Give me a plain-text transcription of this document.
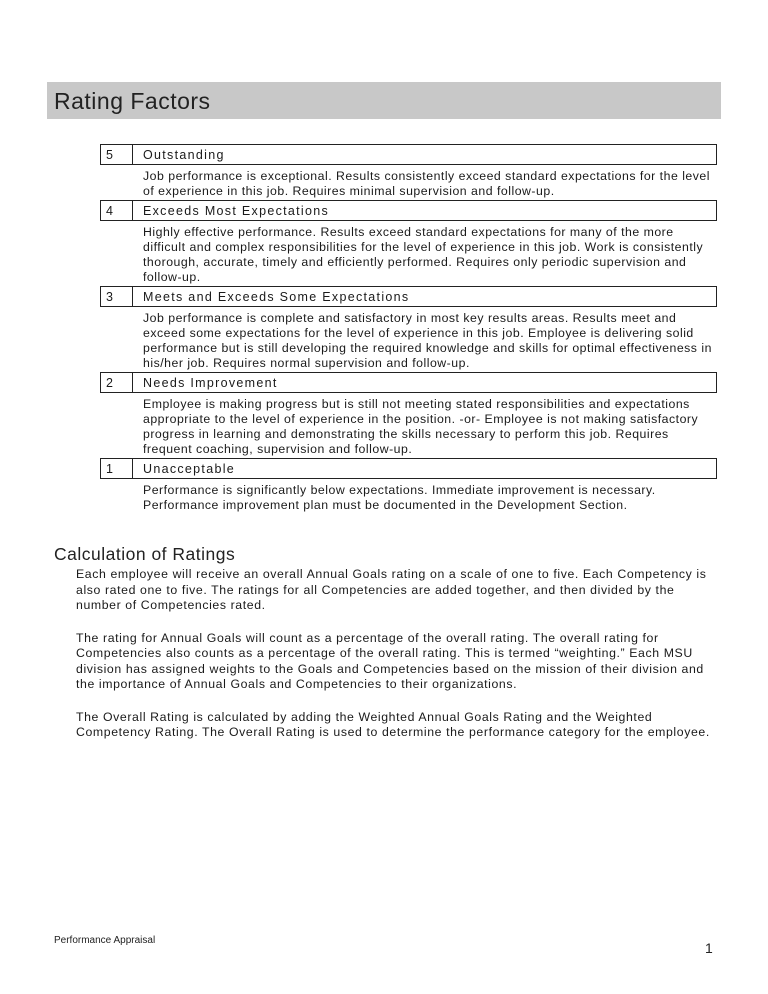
Rating Factors
5	Outstanding
Job performance is exceptional. Results consistently exceed standard expectations for the level of experience in this job. Requires minimal supervision and follow-up.
4	Exceeds Most Expectations
Highly effective performance. Results exceed standard expectations for many of the more difficult and complex responsibilities for the level of experience in this job. Work is consistently thorough, accurate, timely and efficiently performed. Requires only periodic supervision and follow-up.
3	Meets and Exceeds Some Expectations
Job performance is complete and satisfactory in most key results areas. Results meet and exceed some expectations for the level of experience in this job. Employee is delivering solid performance but is still developing the required knowledge and skills for optimal effectiveness in his/her job. Requires normal supervision and follow-up.
2	Needs Improvement
Employee is making progress but is still not meeting stated responsibilities and expectations appropriate to the level of experience in the position. -or- Employee is not making satisfactory progress in learning and demonstrating the skills necessary to perform this job. Requires frequent coaching, supervision and follow-up.
1	Unacceptable
Performance is significantly below expectations. Immediate improvement is necessary. Performance improvement plan must be documented in the Development Section.
Calculation of Ratings

Each employee will receive an overall Annual Goals rating on a scale of one to five. Each Competency is also rated one to five. The ratings for all Competencies are added together, and then divided by the number of Competencies rated.

The rating for Annual Goals will count as a percentage of the overall rating. The overall rating for Competencies also counts as a percentage of the overall rating. This is termed “weighting.” Each MSU division has assigned weights to the Goals and Competencies based on the mission of their division and the importance of Annual Goals and Competencies to their organizations.

The Overall Rating is calculated by adding the Weighted Annual Goals Rating and the Weighted Competency Rating. The Overall Rating is used to determine the performance category for the employee.

Performance Appraisal	1
